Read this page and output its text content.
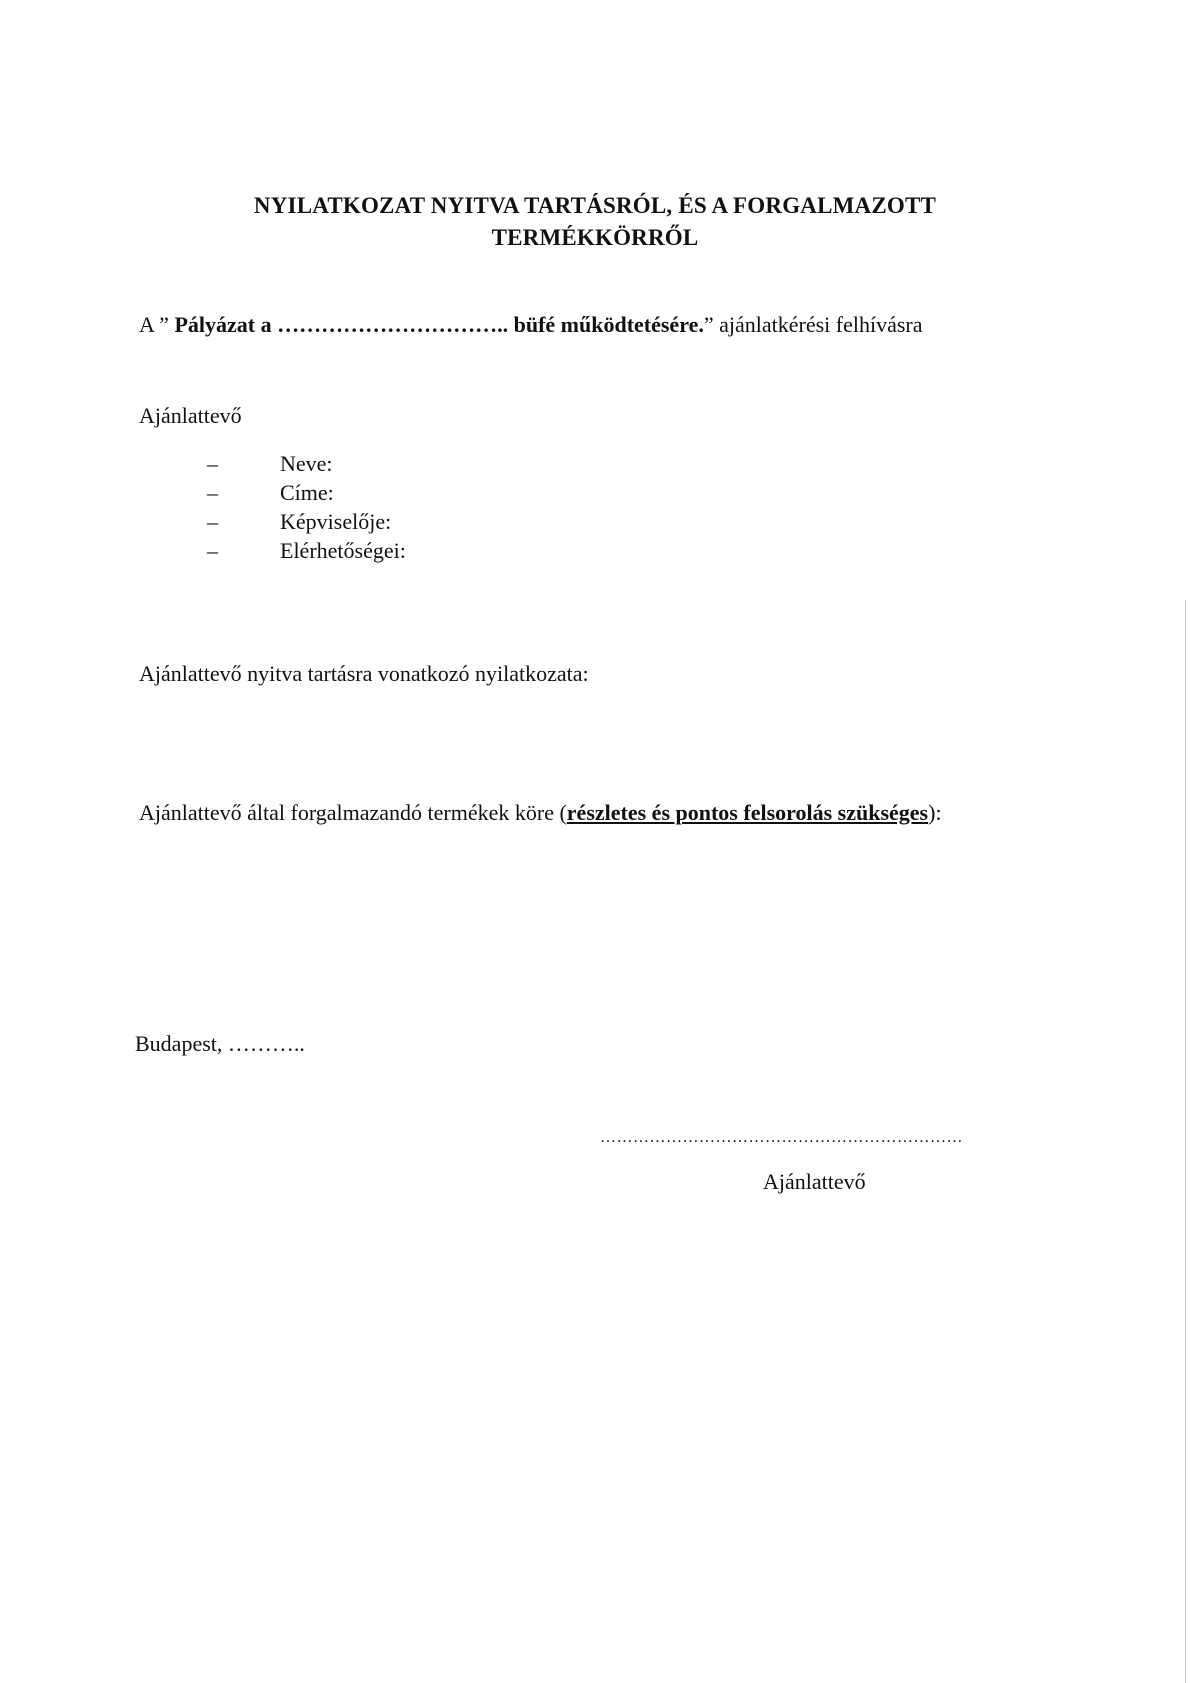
NYILATKOZAT NYITVA TARTÁSRÓL, ÉS A FORGALMAZOTT
TERMÉKKÖRRŐL
A ” Pályázat a ………………………….. büfé működtetésére.” ajánlatkérési felhívásra
Ajánlattevő
–	Neve:
–	Címe:
–	Képviselője:
–	Elérhetőségei:
Ajánlattevő nyitva tartásra vonatkozó nyilatkozata:
Ajánlattevő által forgalmazandó termékek köre (részletes és pontos felsorolás szükséges):
Budapest, ………..
…………………………………………………………
Ajánlattevő
